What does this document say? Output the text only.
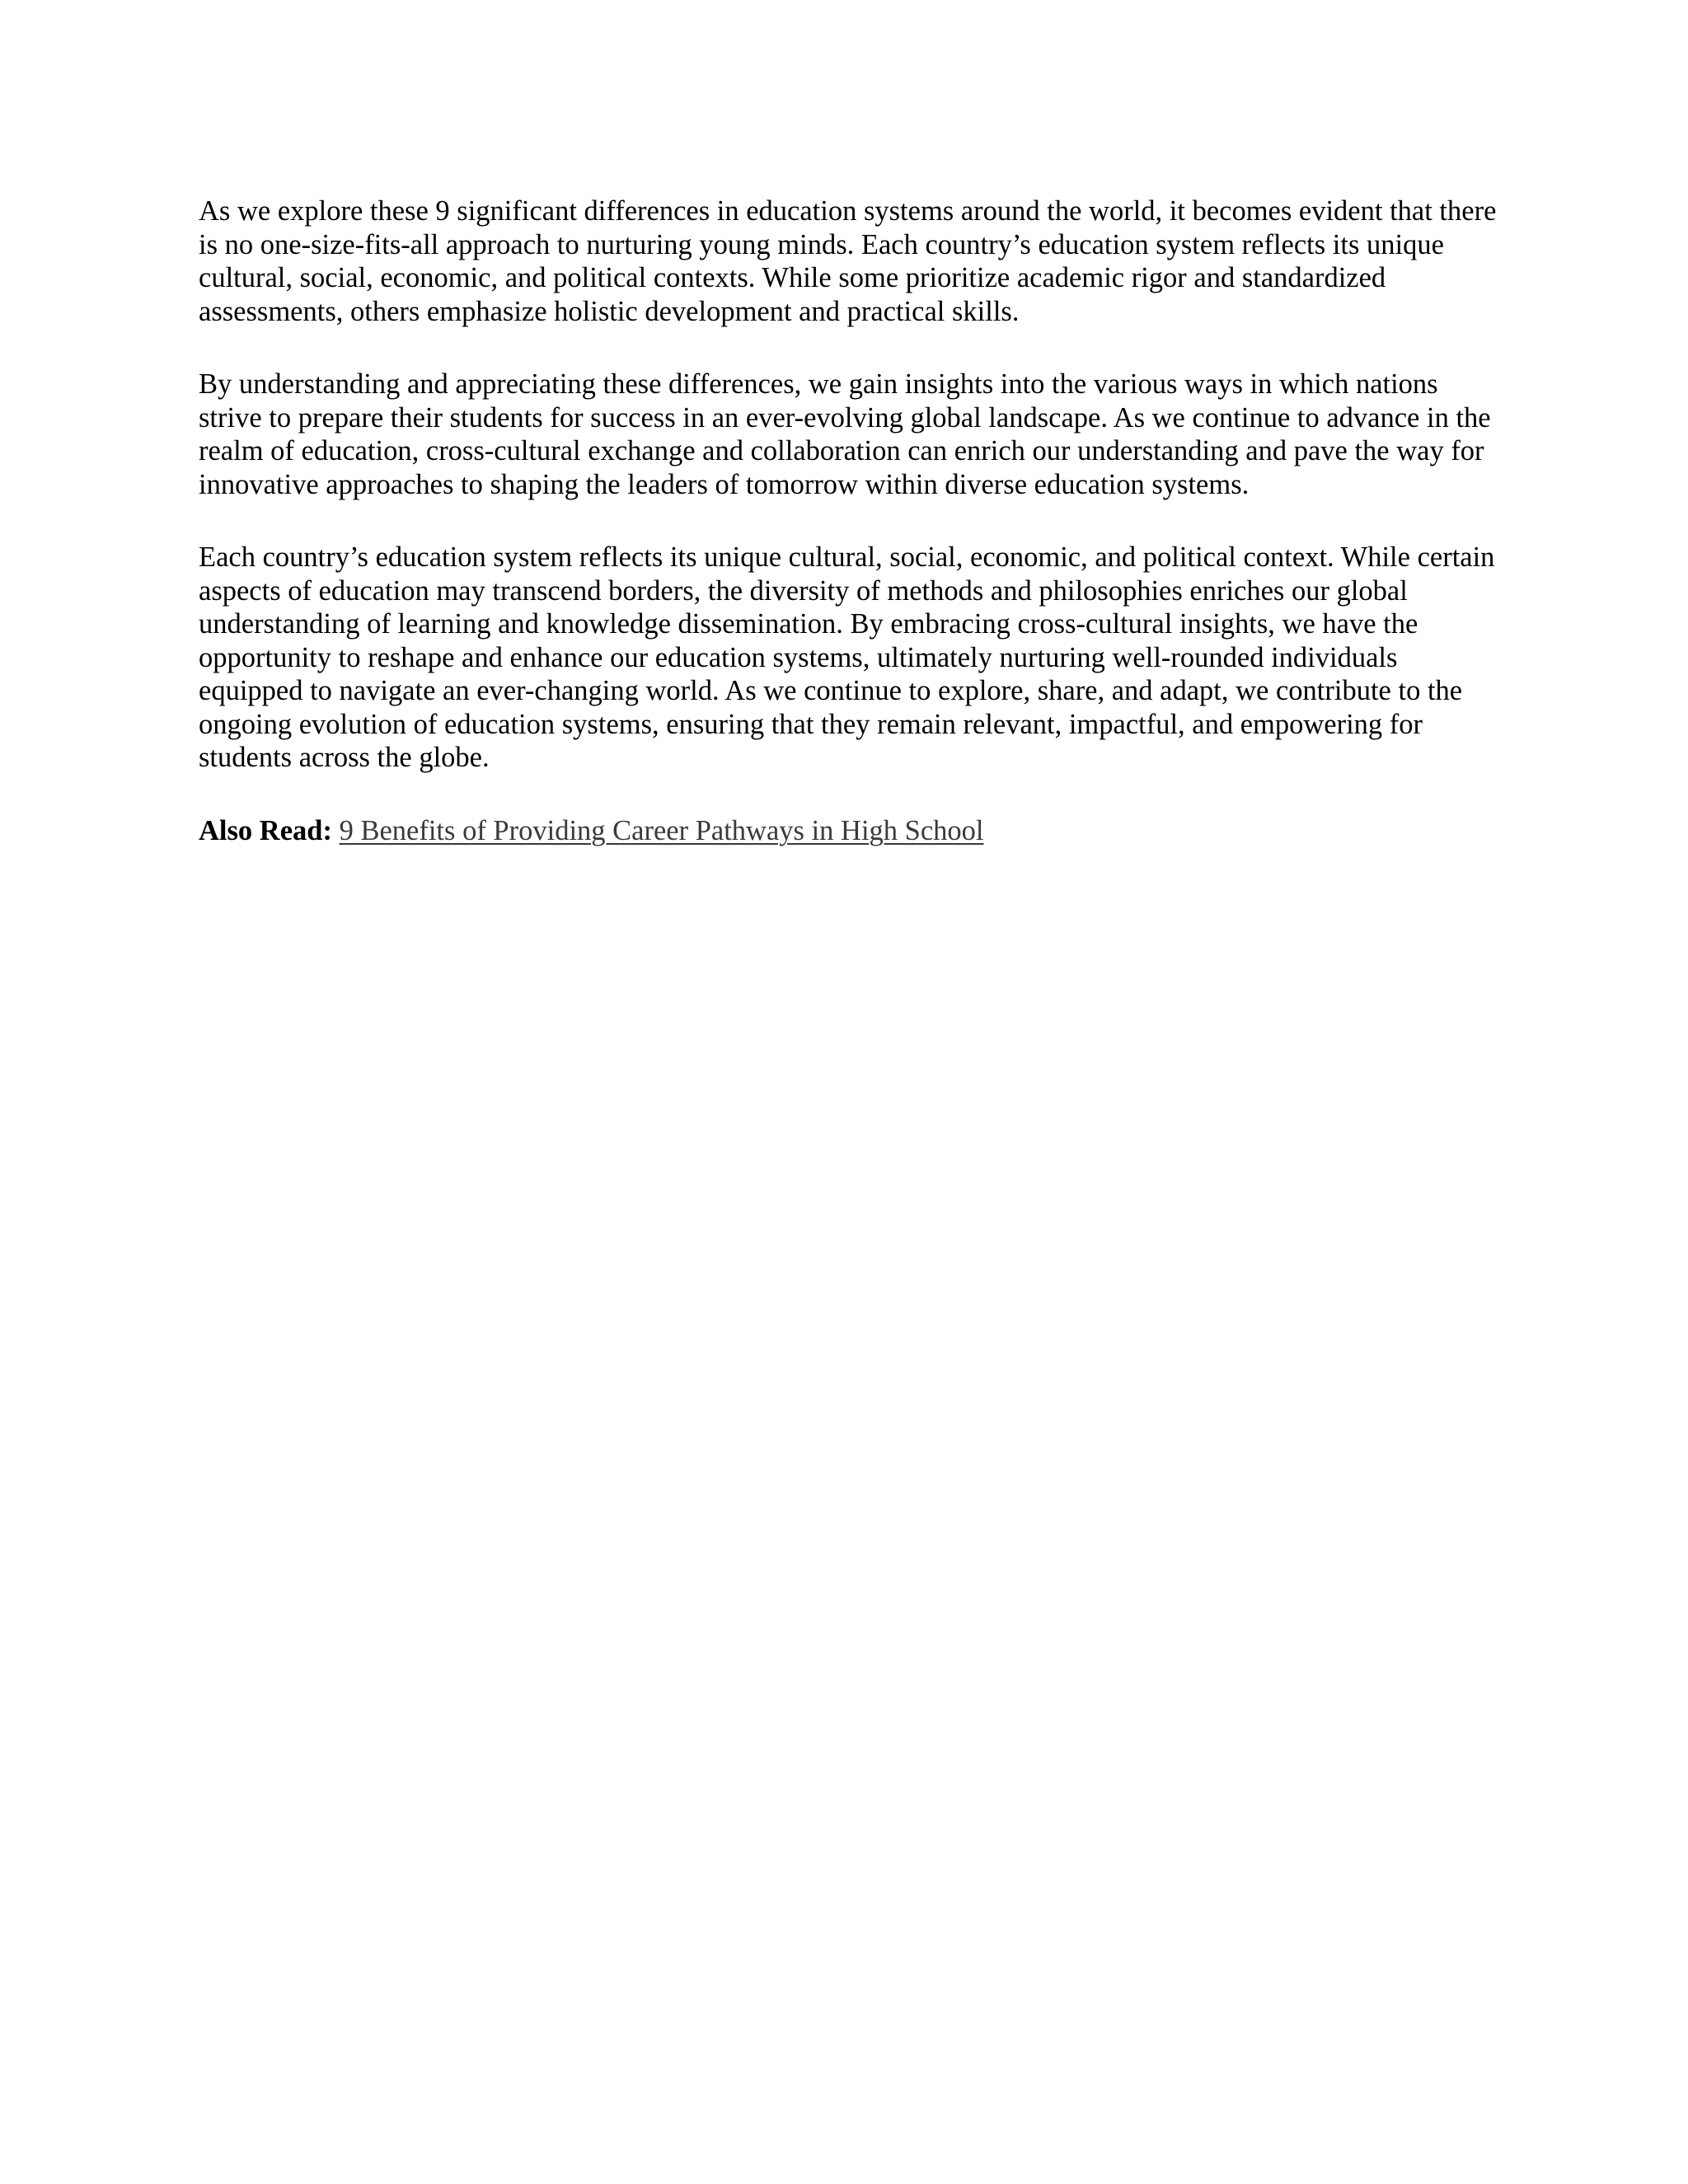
As we explore these 9 significant differences in education systems around the world, it becomes evident that there is no one-size-fits-all approach to nurturing young minds. Each country’s education system reflects its unique cultural, social, economic, and political contexts. While some prioritize academic rigor and standardized assessments, others emphasize holistic development and practical skills.

By understanding and appreciating these differences, we gain insights into the various ways in which nations strive to prepare their students for success in an ever-evolving global landscape. As we continue to advance in the realm of education, cross-cultural exchange and collaboration can enrich our understanding and pave the way for innovative approaches to shaping the leaders of tomorrow within diverse education systems.

Each country’s education system reflects its unique cultural, social, economic, and political context. While certain aspects of education may transcend borders, the diversity of methods and philosophies enriches our global understanding of learning and knowledge dissemination. By embracing cross-cultural insights, we have the opportunity to reshape and enhance our education systems, ultimately nurturing well-rounded individuals equipped to navigate an ever-changing world. As we continue to explore, share, and adapt, we contribute to the ongoing evolution of education systems, ensuring that they remain relevant, impactful, and empowering for students across the globe.

Also Read: 9 Benefits of Providing Career Pathways in High School
